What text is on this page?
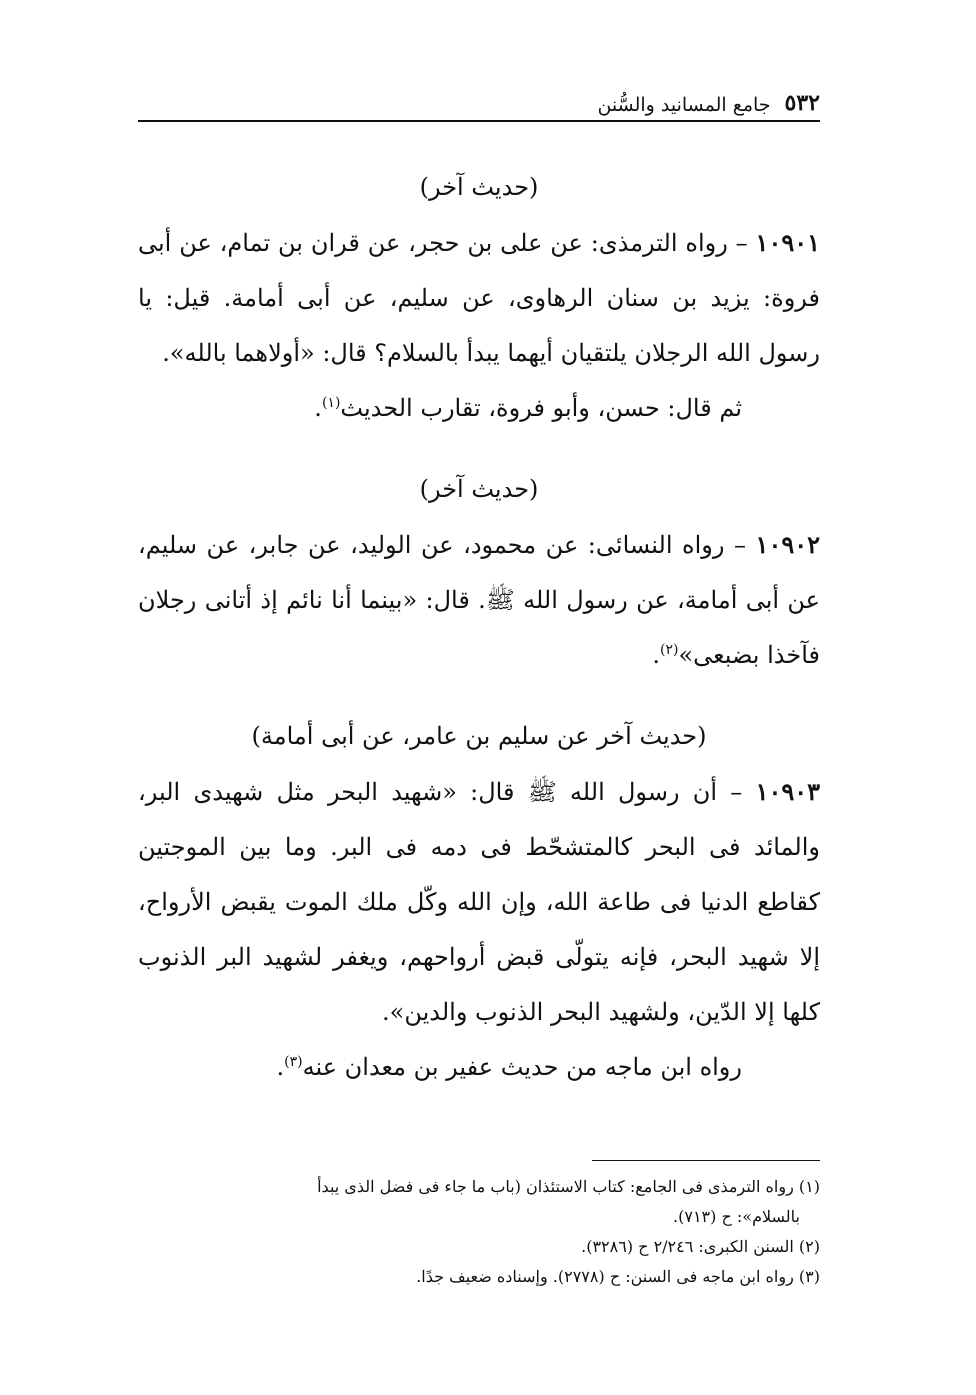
٥٣٢
جامع المسانيد والسُّنن

(حديث آخر)

١٠٩٠١ – رواه الترمذى: عن على بن حجر، عن قران بن تمام، عن أبى فروة: يزيد بن سنان الرهاوى، عن سليم، عن أبى أمامة. قيل: يا رسول الله الرجلان يلتقيان أيهما يبدأ بالسلام؟ قال: «أولاهما بالله».

ثم قال: حسن، وأبو فروة، تقارب الحديث$^{(١)}$.

(حديث آخر)

١٠٩٠٢ – رواه النسائى: عن محمود، عن الوليد، عن جابر، عن سليم، عن أبى أمامة، عن رسول الله ﷺ. قال: «بينما أنا نائم إذ أتانى رجلان فآخذا بضبعى»$^{(٢)}$.

(حديث آخر عن سليم بن عامر، عن أبى أمامة)

١٠٩٠٣ – أن رسول الله ﷺ قال: «شهيد البحر مثل شهيدى البر، والمائد فى البحر كالمتشحّط فى دمه فى البر. وما بين الموجتين كقاطع الدنيا فى طاعة الله، وإن الله وكّل ملك الموت يقبض الأرواح، إلا شهيد البحر، فإنه يتولّى قبض أرواحهم، ويغفر لشهيد البر الذنوب كلها إلا الدّين، ولشهيد البحر الذنوب والدين».

رواه ابن ماجه من حديث عفير بن معدان عنه$^{(٣)}$.

(١) رواه الترمذى فى الجامع: كتاب الاستئذان (باب ما جاء فى فضل الذى يبدأ

بالسلام»: ح (٧١٣).

(٢) السنن الكبرى: ٢/٢٤٦ ح (٣٢٨٦).

(٣) رواه ابن ماجه فى السنن: ح (٢٧٧٨). وإسناده ضعيف جدًا.
